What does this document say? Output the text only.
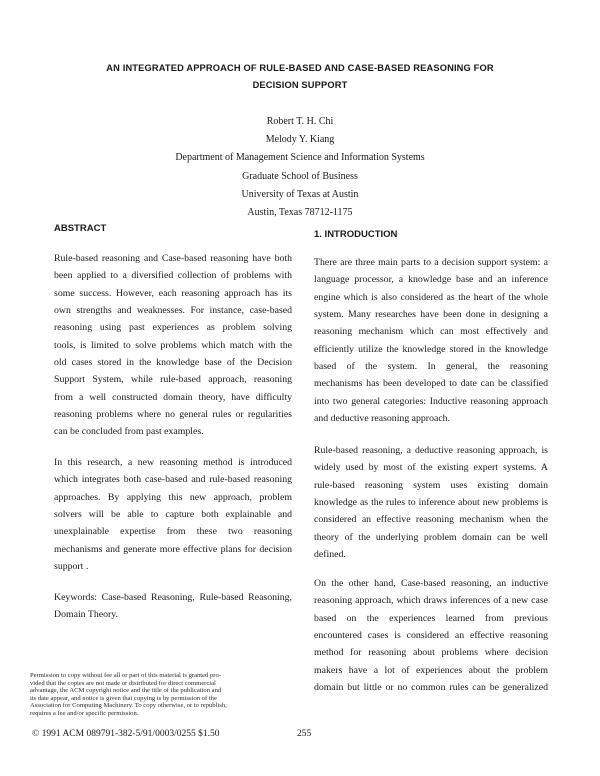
AN INTEGRATED APPROACH OF RULE-BASED AND CASE-BASED REASONING FOR
DECISION SUPPORT
Robert T. H. Chi
Melody Y. Kiang
Department of Management Science and Information Systems
Graduate School of Business
University of Texas at Austin
Austin, Texas 78712-1175
ABSTRACT

Rule-based reasoning and Case-based reasoning have both
been applied to a diversified collection of problems with
some success. However, each reasoning approach has its
own strengths and weaknesses. For instance, case-based
reasoning using past experiences as problem solving
tools, is limited to solve problems which match with the
old cases stored in the knowledge base of the Decision
Support System, while rule-based approach, reasoning
from a well constructed domain theory, have difficulty
reasoning problems where no general rules or regularities
can be concluded from past examples.

In this research, a new reasoning method is introduced
which integrates both case-based and rule-based reasoning
approaches. By applying this new approach, problem
solvers will be able to capture both explainable and
unexplainable expertise from these two reasoning
mechanisms and generate more effective plans for decision
support .

Keywords: Case-based Reasoning, Rule-based Reasoning,
Domain Theory.

1. INTRODUCTION

There are three main parts to a decision support system: a
language processor, a knowledge base and an inference
engine which is also considered as the heart of the whole
system. Many researches have been done in designing a
reasoning mechanism which can most effectively and
efficiently utilize the knowledge stored in the knowledge
based of the system. In general, the reasoning
mechanisms has been developed to date can be classified
into two general categories: Inductive reasoning approach
and deductive reasoning approach.

Rule-based reasoning, a deductive reasoning approach, is
widely used by most of the existing expert systems. A
rule-based reasoning system uses existing domain
knowledge as the rules to inference about new problems is
considered an effective reasoning mechanism when the
theory of the underlying problem domain can be well
defined.

On the other hand, Case-based reasoning, an inductive
reasoning approach, which draws inferences of a new case
based on the experiences learned from previous
encountered cases is considered an effective reasoning
method for reasoning about problems where decision
makers have a lot of experiences about the problem
domain but little or no common rules can be generalized

Permission to copy without fee all or part of this material is granted pro-
vided that the copies are not made or distributed for direct commercial
advantage, the ACM copyright notice and the title of the publication and
its date appear, and notice is given that copying is by permission of the
Association for Computing Machinery. To copy otherwise, or to republish,
requires a fee and/or specific permission.
© 1991 ACM 089791-382-5/91/0003/0255 $1.50	255
